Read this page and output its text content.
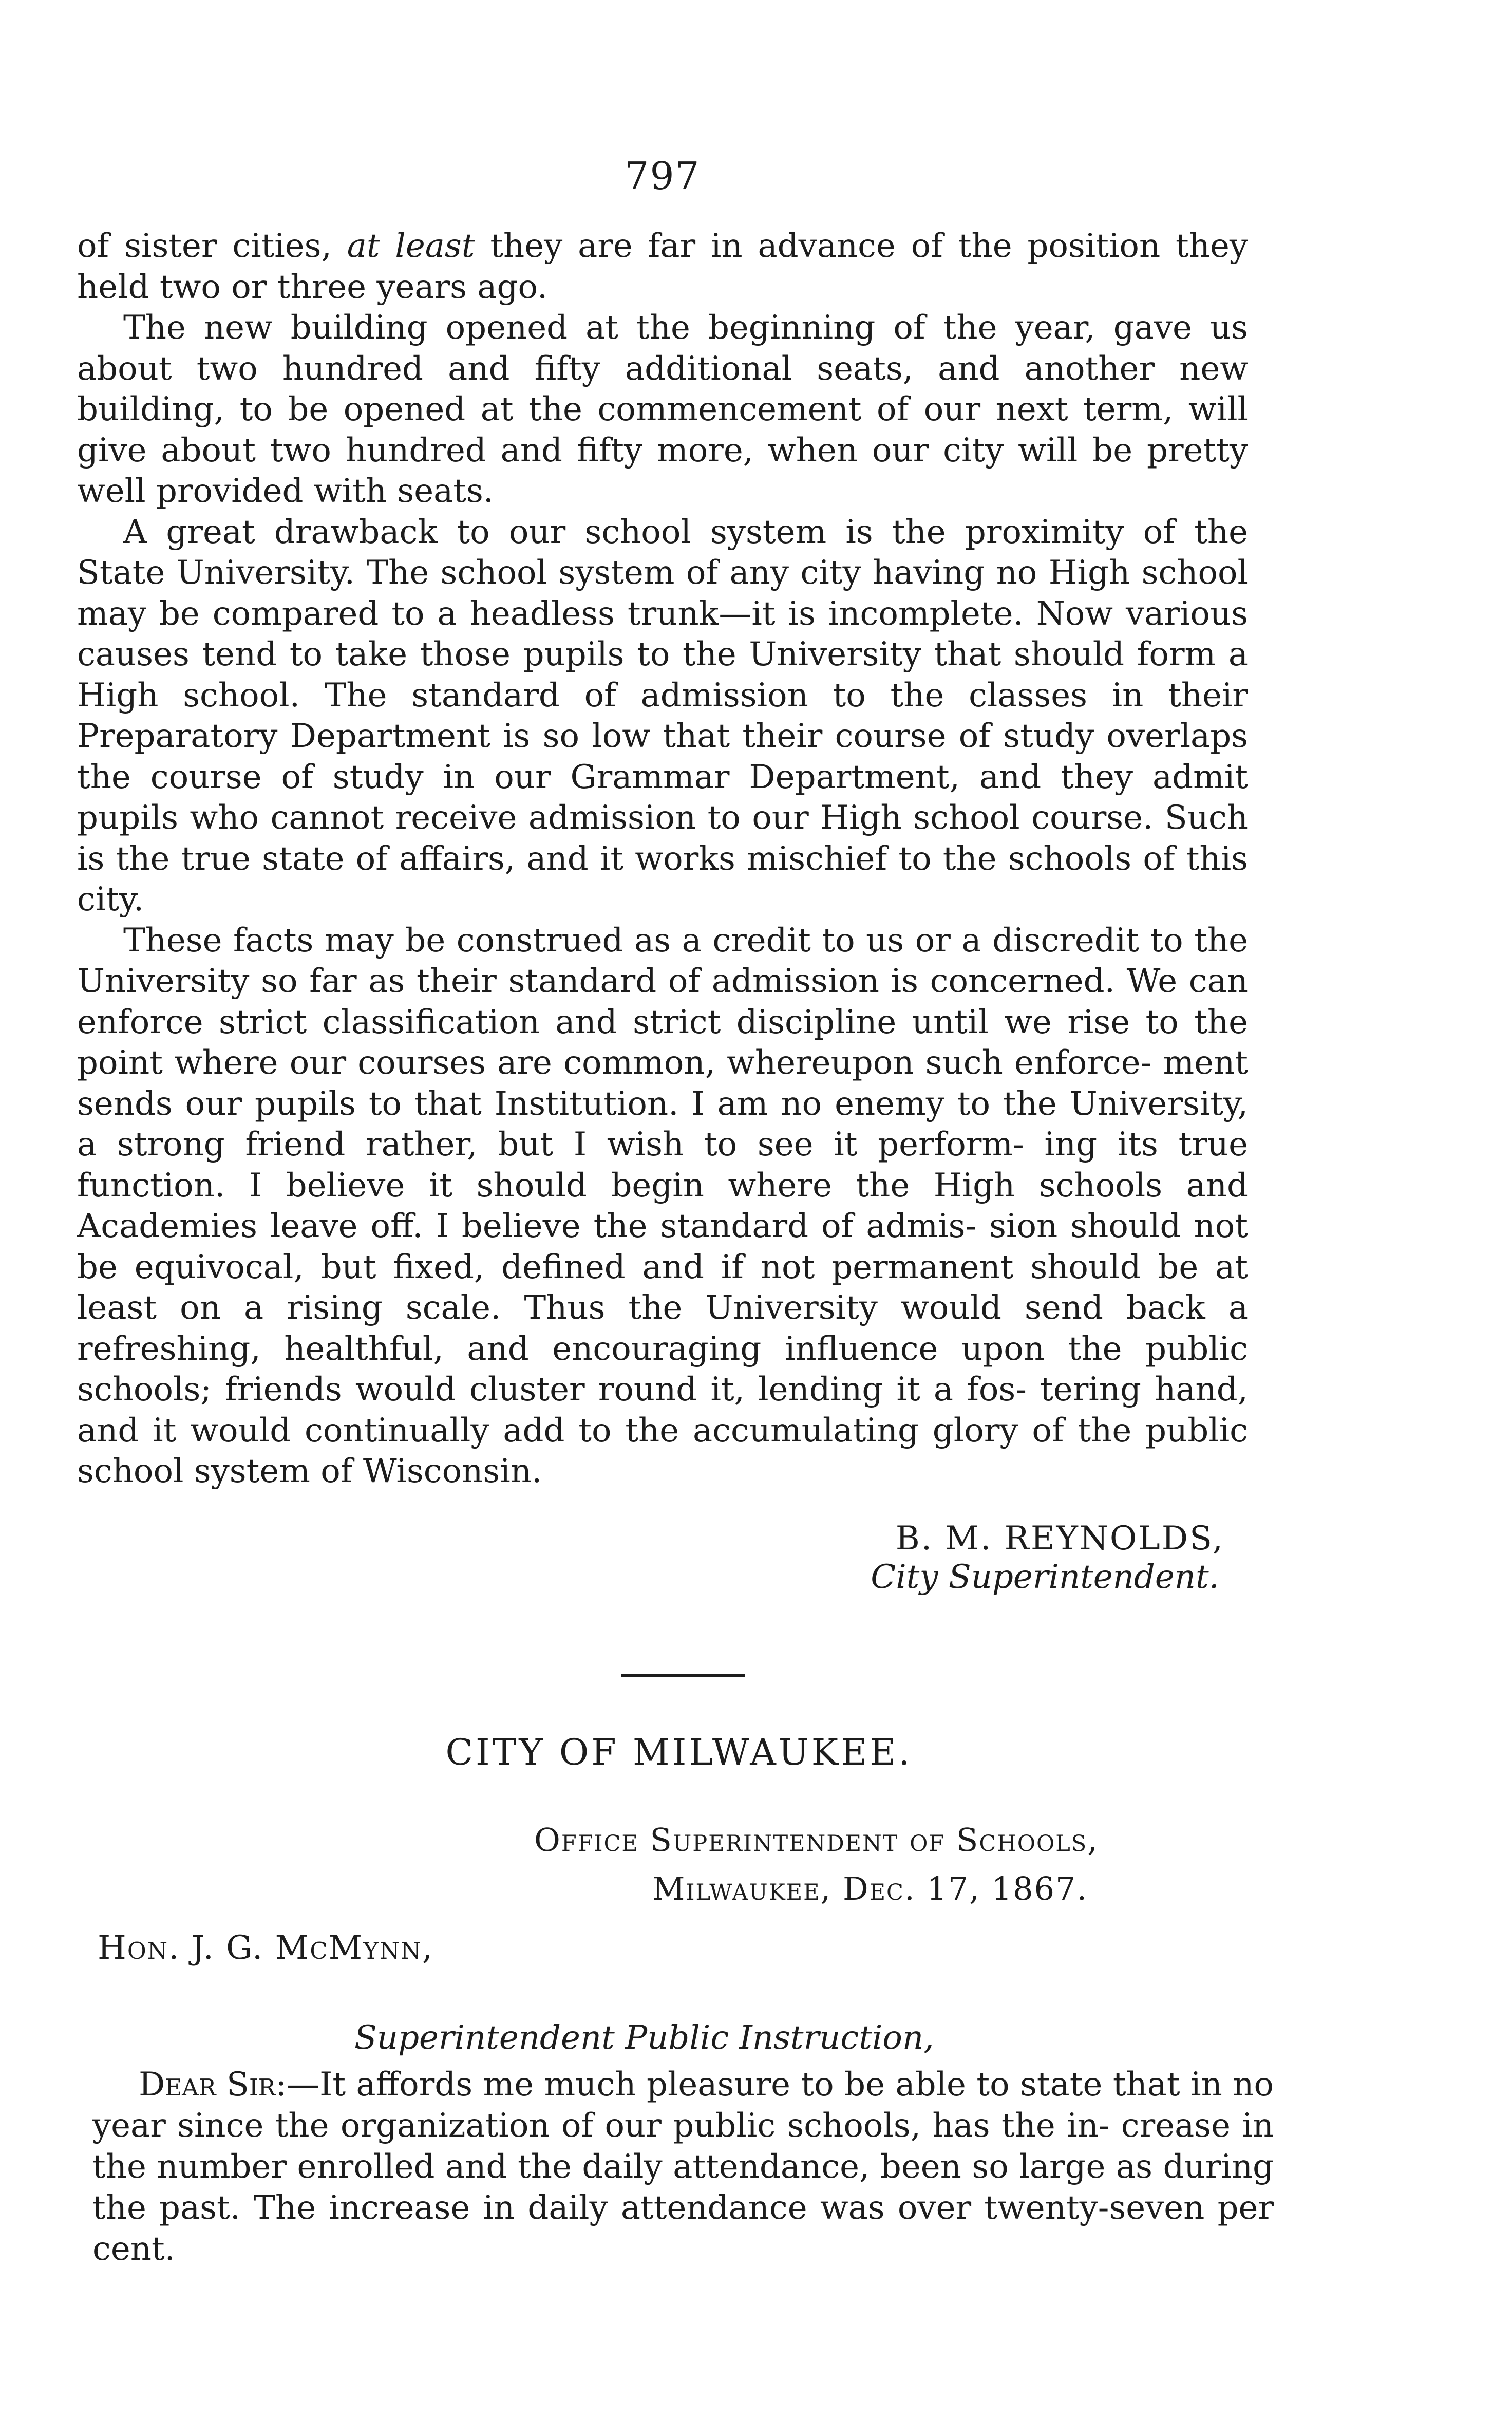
797

of sister cities, at least they are far in advance of the position they held two or three years ago.

The new building opened at the beginning of the year, gave us about two hundred and fifty additional seats, and another new building, to be opened at the commencement of our next term, will give about two hundred and fifty more, when our city will be pretty well provided with seats.

A great drawback to our school system is the proximity of the State University. The school system of any city having no High school may be compared to a headless trunk—it is incomplete. Now various causes tend to take those pupils to the University that should form a High school. The standard of admission to the classes in their Preparatory Department is so low that their course of study overlaps the course of study in our Grammar Department, and they admit pupils who cannot receive admission to our High school course. Such is the true state of affairs, and it works mischief to the schools of this city.

These facts may be construed as a credit to us or a discredit to the University so far as their standard of admission is concerned. We can enforce strict classification and strict discipline until we rise to the point where our courses are common, whereupon such enforce- ment sends our pupils to that Institution. I am no enemy to the University, a strong friend rather, but I wish to see it perform- ing its true function. I believe it should begin where the High schools and Academies leave off. I believe the standard of admis- sion should not be equivocal, but fixed, defined and if not permanent should be at least on a rising scale. Thus the University would send back a refreshing, healthful, and encouraging influence upon the public schools; friends would cluster round it, lending it a fos- tering hand, and it would continually add to the accumulating glory of the public school system of Wisconsin.

B. M. REYNOLDS,
City Superintendent.
CITY OF MILWAUKEE.
Office Superintendent of Schools,
Milwaukee, Dec. 17, 1867.
Hon. J. G. McMynn,
Superintendent Public Instruction,

Dear Sir:—It affords me much pleasure to be able to state that in no year since the organization of our public schools, has the in- crease in the number enrolled and the daily attendance, been so large as during the past. The increase in daily attendance was over twenty-seven per cent.
